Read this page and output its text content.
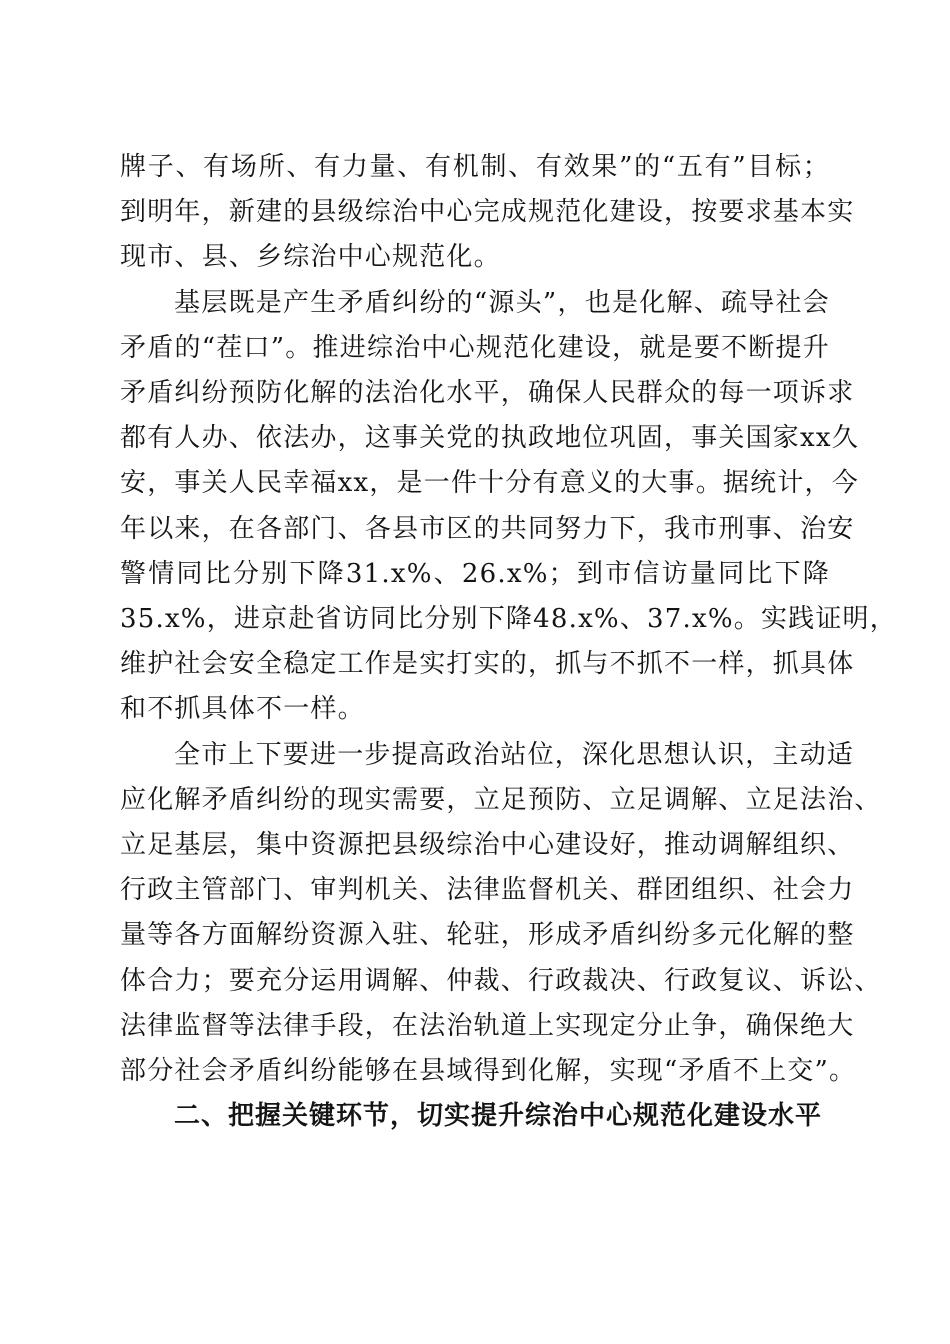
牌子、有场所、有力量、有机制、有效果”的“五有”目标；
到明年，新建的县级综治中心完成规范化建设，按要求基本实
现市、县、乡综治中心规范化。

基层既是产生矛盾纠纷的“源头”，也是化解、疏导社会
矛盾的“茬口”。推进综治中心规范化建设，就是要不断提升
矛盾纠纷预防化解的法治化水平，确保人民群众的每一项诉求
都有人办、依法办，这事关党的执政地位巩固，事关国家xx久
安，事关人民幸福xx，是一件十分有意义的大事。据统计，今
年以来，在各部门、各县市区的共同努力下，我市刑事、治安
警情同比分别下降31.x%、26.x%；到市信访量同比下降
35.x%，进京赴省访同比分别下降48.x%、37.x%。实践证明，
维护社会安全稳定工作是实打实的，抓与不抓不一样，抓具体
和不抓具体不一样。

全市上下要进一步提高政治站位，深化思想认识，主动适
应化解矛盾纠纷的现实需要，立足预防、立足调解、立足法治、
立足基层，集中资源把县级综治中心建设好，推动调解组织、
行政主管部门、审判机关、法律监督机关、群团组织、社会力
量等各方面解纷资源入驻、轮驻，形成矛盾纠纷多元化解的整
体合力；要充分运用调解、仲裁、行政裁决、行政复议、诉讼、
法律监督等法律手段，在法治轨道上实现定分止争，确保绝大
部分社会矛盾纠纷能够在县域得到化解，实现“矛盾不上交”。

二、把握关键环节，切实提升综治中心规范化建设水平
